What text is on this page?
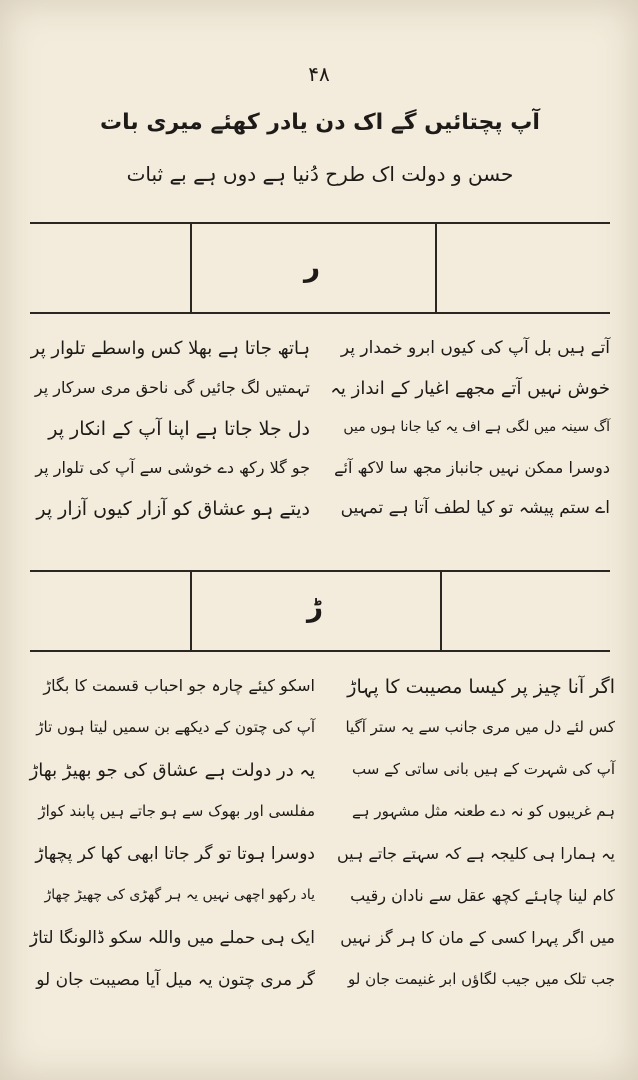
۴۸
آپ پچتائیں گے اک دن یادر کھئے میری بات
حسن و دولت اک طرح دُنیا ہے دوں ہے بے ثبات
ر
آتے ہیں بل آپ کی کیوں ابرو خمدار پر
خوش نہیں آتے مجھے اغیار کے انداز یہ
آگ سینہ میں لگی ہے اف یہ کیا جانا ہوں میں
دوسرا ممکن نہیں جانباز مجھ سا لاکھ آئے
اے ستم پیشہ تو کیا لطف آتا ہے تمہیں
ہاتھ جاتا ہے بھلا کس واسطے تلوار پر
تہمتیں لگ جائیں گی ناحق مری سرکار پر
دل جلا جاتا ہے اپنا آپ کے انکار پر
جو گلا رکھ دے خوشی سے آپ کی تلوار پر
دیتے ہو عشاق کو آزار کیوں آزار پر
ڑ
اگر آنا چیز پر کیسا مصیبت کا پہاڑ
کس لئے دل میں مری جانب سے یہ ستر آگیا
آپ کی شہرت کے ہیں بانی ساتی کے سب
ہم غریبوں کو نہ دے طعنہ مثل مشہور ہے
یہ ہمارا ہی کلیجہ ہے کہ سہتے جاتے ہیں
کام لینا چاہئے کچھ عقل سے نادان رقیب
میں اگر پہرا کسی کے مان کا ہر گز نہیں
جب تلک میں جیب لگاؤں ابر غنیمت جان لو
اسکو کیئے چارہ جو احباب قسمت کا بگاڑ
آپ کی چتون کے دیکھے بن سمیں لیتا ہوں تاڑ
یہ در دولت ہے عشاق کی جو بھیڑ بھاڑ
مفلسی اور بھوک سے ہو جاتے ہیں پابند کواڑ
دوسرا ہوتا تو گر جاتا ابھی کھا کر پچھاڑ
یاد رکھو اچھی نہیں یہ ہر گھڑی کی چھیڑ چھاڑ
ایک ہی حملے میں واللہ سکو ڈالونگا لتاڑ
گر مری چتون یہ میل آیا مصیبت جان لو
